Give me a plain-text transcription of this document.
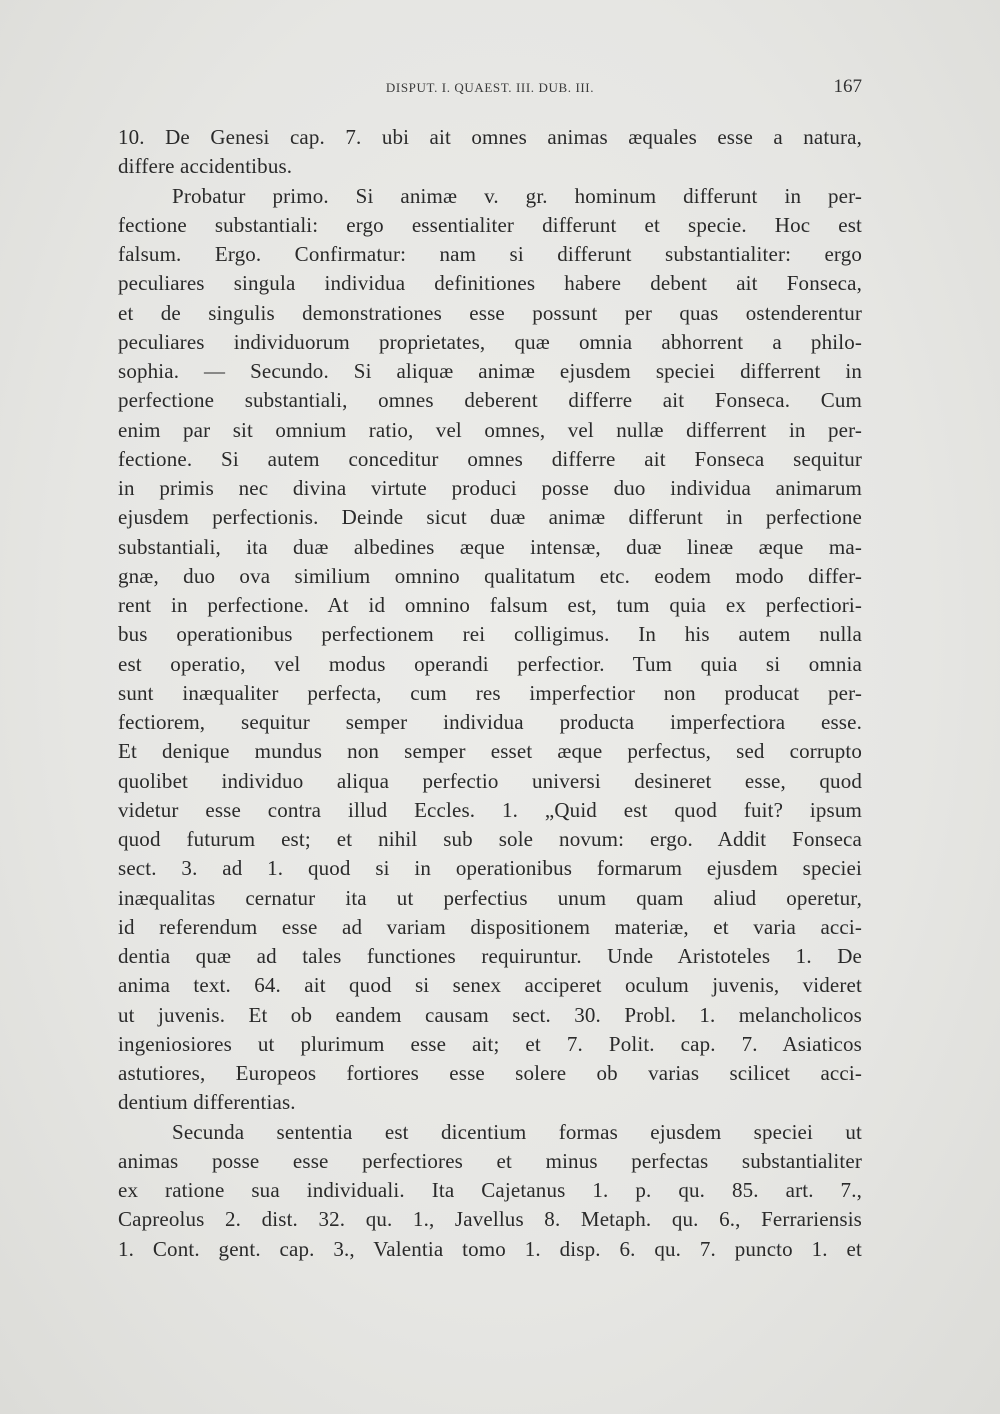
DISPUT. I. QUAEST. III. DUB. III.	167
10. De Genesi cap. 7. ubi ait omnes animas æquales esse a natura,
differe accidentibus.
Probatur primo. Si animæ v. gr. hominum differunt in per-
fectione substantiali: ergo essentialiter differunt et specie. Hoc est
falsum. Ergo. Confirmatur: nam si differunt substantialiter: ergo
peculiares singula individua definitiones habere debent ait Fonseca,
et de singulis demonstrationes esse possunt per quas ostenderentur
peculiares individuorum proprietates, quæ omnia abhorrent a philo-
sophia. — Secundo. Si aliquæ animæ ejusdem speciei differrent in
perfectione substantiali, omnes deberent differre ait Fonseca. Cum
enim par sit omnium ratio, vel omnes, vel nullæ differrent in per-
fectione. Si autem conceditur omnes differre ait Fonseca sequitur
in primis nec divina virtute produci posse duo individua animarum
ejusdem perfectionis. Deinde sicut duæ animæ differunt in perfectione
substantiali, ita duæ albedines æque intensæ, duæ lineæ æque ma-
gnæ, duo ova similium omnino qualitatum etc. eodem modo differ-
rent in perfectione. At id omnino falsum est, tum quia ex perfectiori-
bus operationibus perfectionem rei colligimus. In his autem nulla
est operatio, vel modus operandi perfectior. Tum quia si omnia
sunt inæqualiter perfecta, cum res imperfectior non producat per-
fectiorem, sequitur semper individua producta imperfectiora esse.
Et denique mundus non semper esset æque perfectus, sed corrupto
quolibet individuo aliqua perfectio universi desineret esse, quod
videtur esse contra illud Eccles. 1. „Quid est quod fuit? ipsum
quod futurum est; et nihil sub sole novum: ergo. Addit Fonseca
sect. 3. ad 1. quod si in operationibus formarum ejusdem speciei
inæqualitas cernatur ita ut perfectius unum quam aliud operetur,
id referendum esse ad variam dispositionem materiæ, et varia acci-
dentia quæ ad tales functiones requiruntur. Unde Aristoteles 1. De
anima text. 64. ait quod si senex acciperet oculum juvenis, videret
ut juvenis. Et ob eandem causam sect. 30. Probl. 1. melancholicos
ingeniosiores ut plurimum esse ait; et 7. Polit. cap. 7. Asiaticos
astutiores, Europeos fortiores esse solere ob varias scilicet acci-
dentium differentias.
Secunda sententia est dicentium formas ejusdem speciei ut
animas posse esse perfectiores et minus perfectas substantialiter
ex ratione sua individuali. Ita Cajetanus 1. p. qu. 85. art. 7.,
Capreolus 2. dist. 32. qu. 1., Javellus 8. Metaph. qu. 6., Ferrariensis
1. Cont. gent. cap. 3., Valentia tomo 1. disp. 6. qu. 7. puncto 1. et
